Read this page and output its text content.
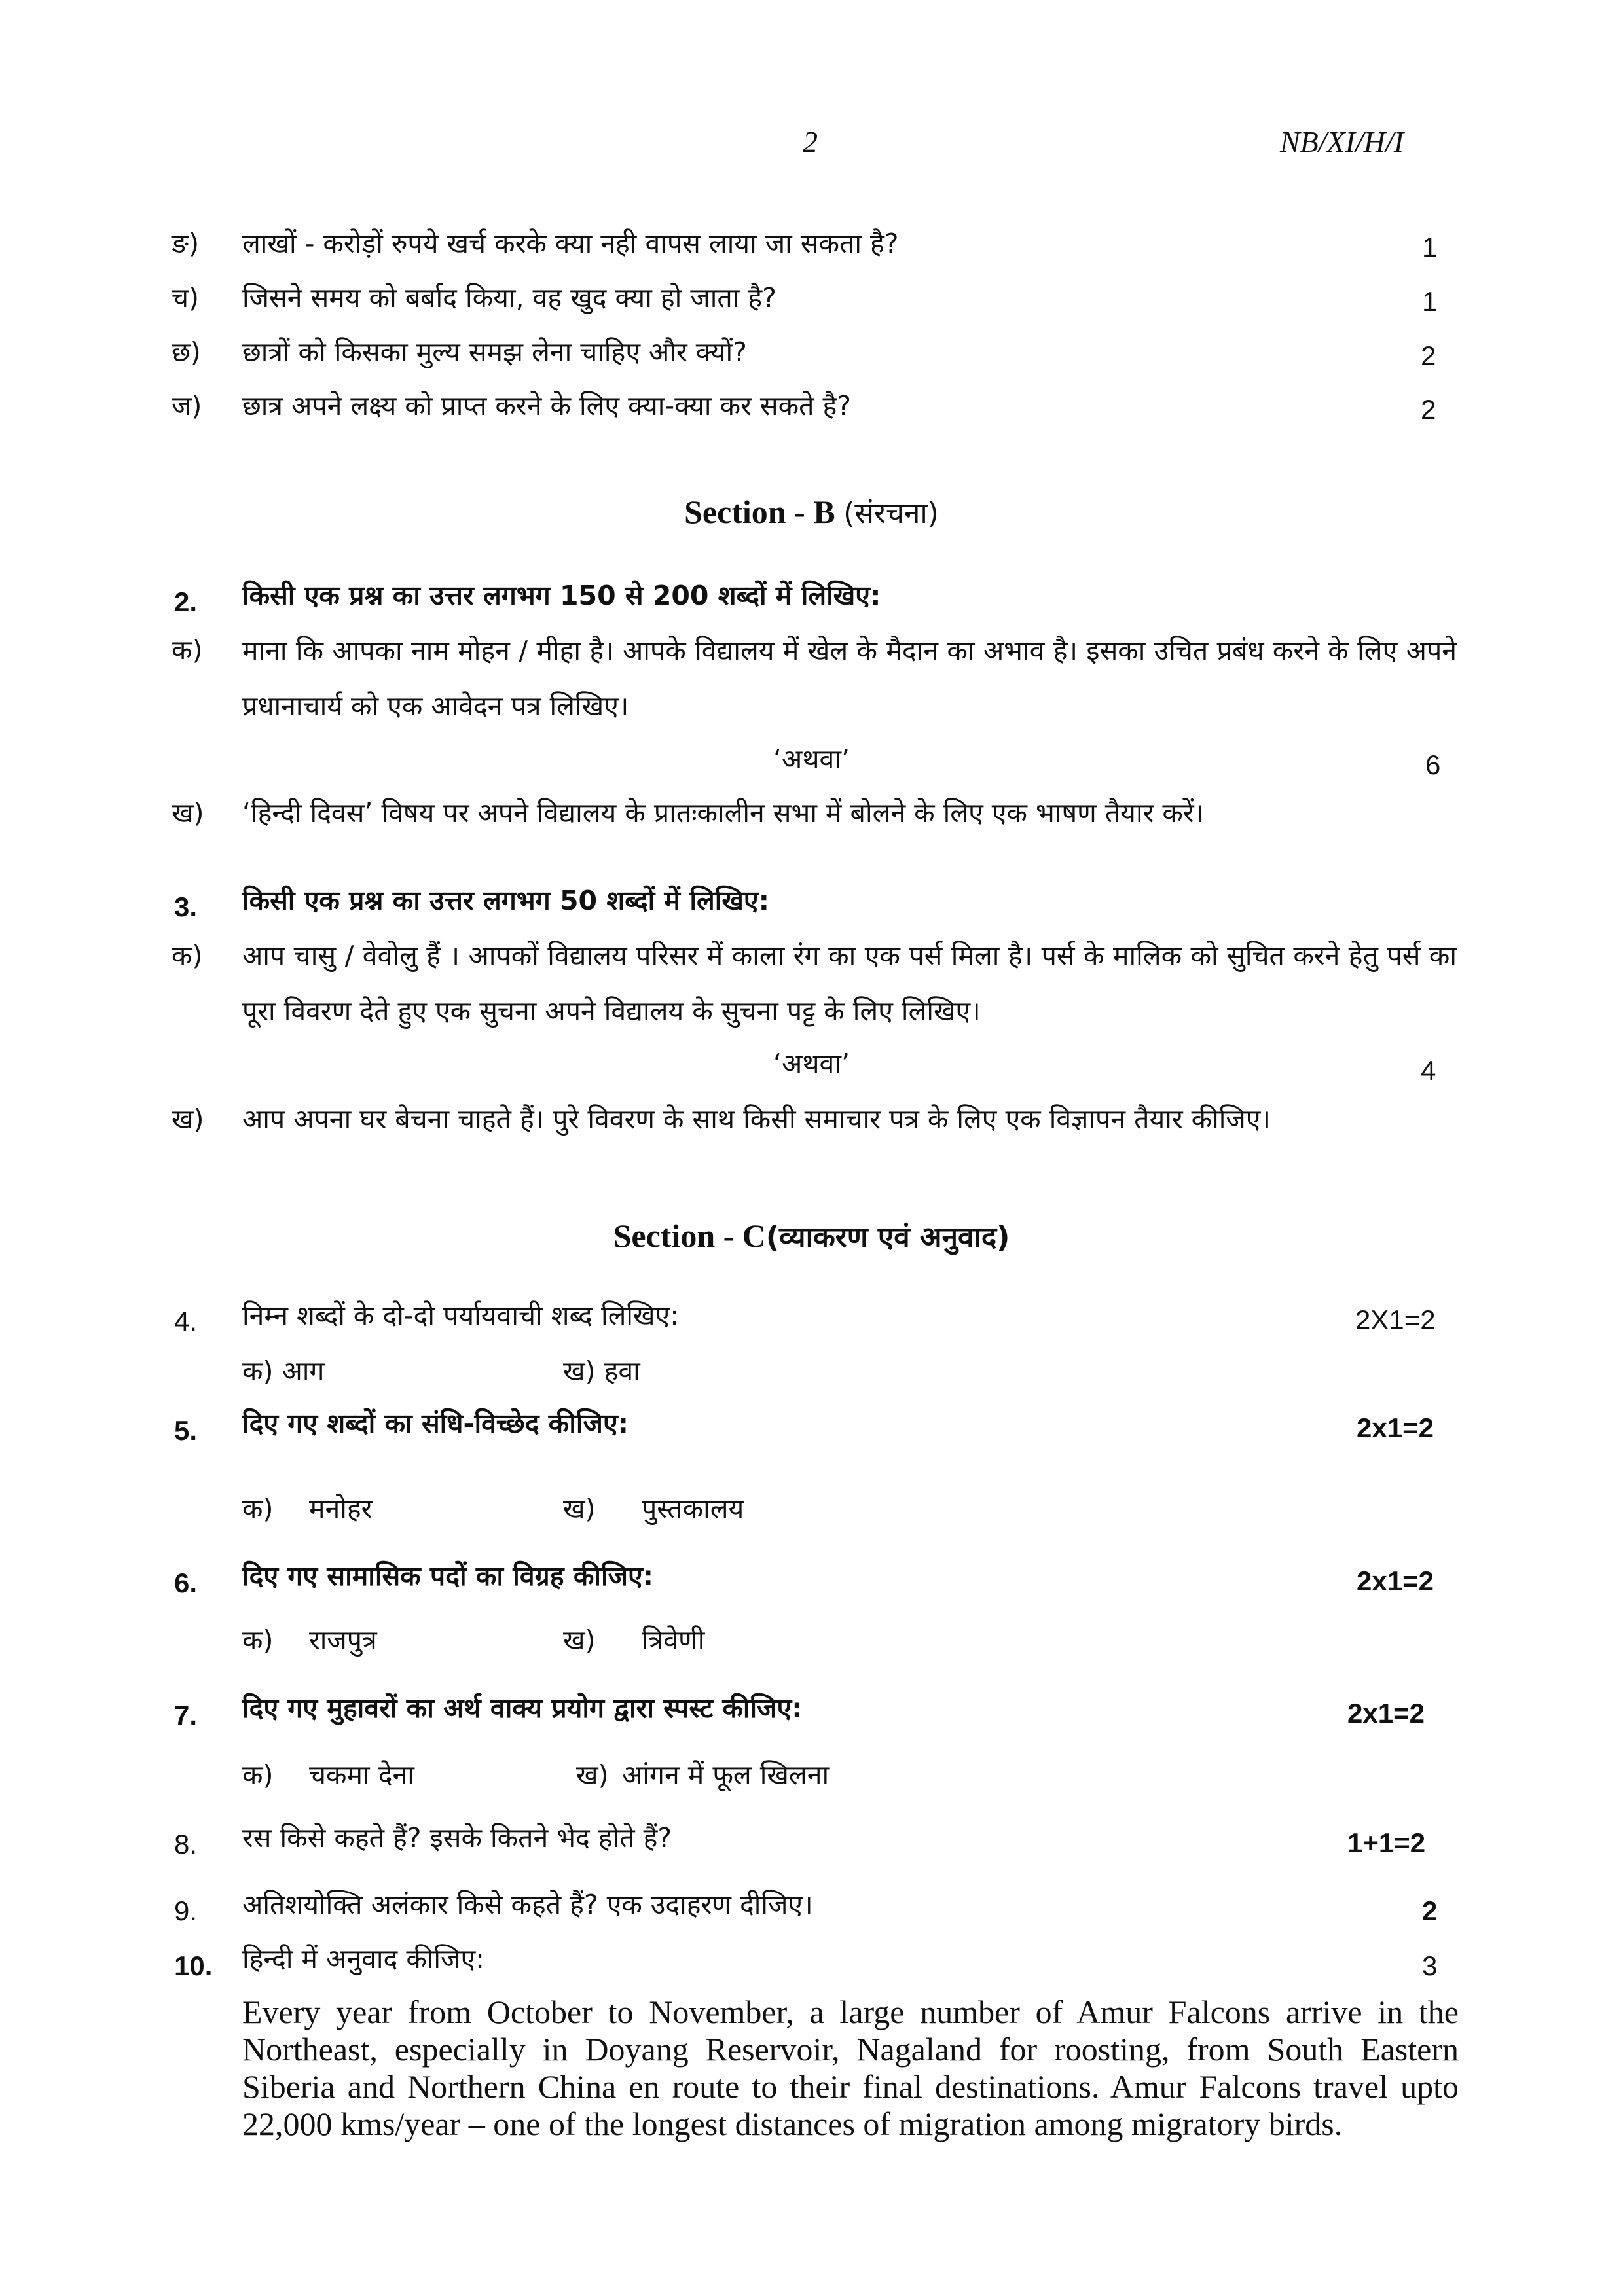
2	NB/XI/H/I
ङ) लाखों - करोड़ों रुपये खर्च करके क्या नही वापस लाया जा सकता है?	1
च) जिसने समय को बर्बाद किया, वह खुद क्या हो जाता है?	1
छ) छात्रों को किसका मुल्य समझ लेना चाहिए और क्यों?	2
ज) छात्र अपने लक्ष्य को प्राप्त करने के लिए क्या-क्या कर सकते है?	2
Section - B (संरचना)
2. किसी एक प्रश्न का उत्तर लगभग 150 से 200 शब्दों में लिखिए:
क) माना कि आपका नाम मोहन / मीहा है। आपके विद्यालय में खेल के मैदान का अभाव है। इसका उचित प्रबंध करने के लिए अपने प्रधानाचार्य को एक आवेदन पत्र लिखिए।
‘अथवा’	6
ख) ‘हिन्दी दिवस’ विषय पर अपने विद्यालय के प्रातःकालीन सभा में बोलने के लिए एक भाषण तैयार करें।
3. किसी एक प्रश्न का उत्तर लगभग 50 शब्दों में लिखिए:
क) आप चासु / वेवोलु हैं । आपकों विद्यालय परिसर में काला रंग का एक पर्स मिला है। पर्स के मालिक को सुचित करने हेतु पर्स का पूरा विवरण देते हुए एक सुचना अपने विद्यालय के सुचना पट्ट के लिए लिखिए।
‘अथवा’	4
ख) आप अपना घर बेचना चाहते हैं। पुरे विवरण के साथ किसी समाचार पत्र के लिए एक विज्ञापन तैयार कीजिए।
Section - C(व्याकरण एवं अनुवाद)
4. निम्न शब्दों के दो-दो पर्यायवाची शब्द लिखिए:	2X1=2
क) आग	ख) हवा
5. दिए गए शब्दों का संधि-विच्छेद कीजिए:	2x1=2
क) मनोहर	ख) पुस्तकालय
6. दिए गए सामासिक पदों का विग्रह कीजिए:	2x1=2
क) राजपुत्र	ख) त्रिवेणी
7. दिए गए मुहावरों का अर्थ वाक्य प्रयोग द्वारा स्पस्ट कीजिए:	2x1=2
क) चकमा देना	ख) आंगन में फूल खिलना
8. रस किसे कहते हैं? इसके कितने भेद होते हैं?	1+1=2
9. अतिशयोक्ति अलंकार किसे कहते हैं? एक उदाहरण दीजिए।	2
10. हिन्दी में अनुवाद कीजिए:	3
Every year from October to November, a large number of Amur Falcons arrive in the Northeast, especially in Doyang Reservoir, Nagaland for roosting, from South Eastern Siberia and Northern China en route to their final destinations. Amur Falcons travel upto 22,000 kms/year – one of the longest distances of migration among migratory birds.
